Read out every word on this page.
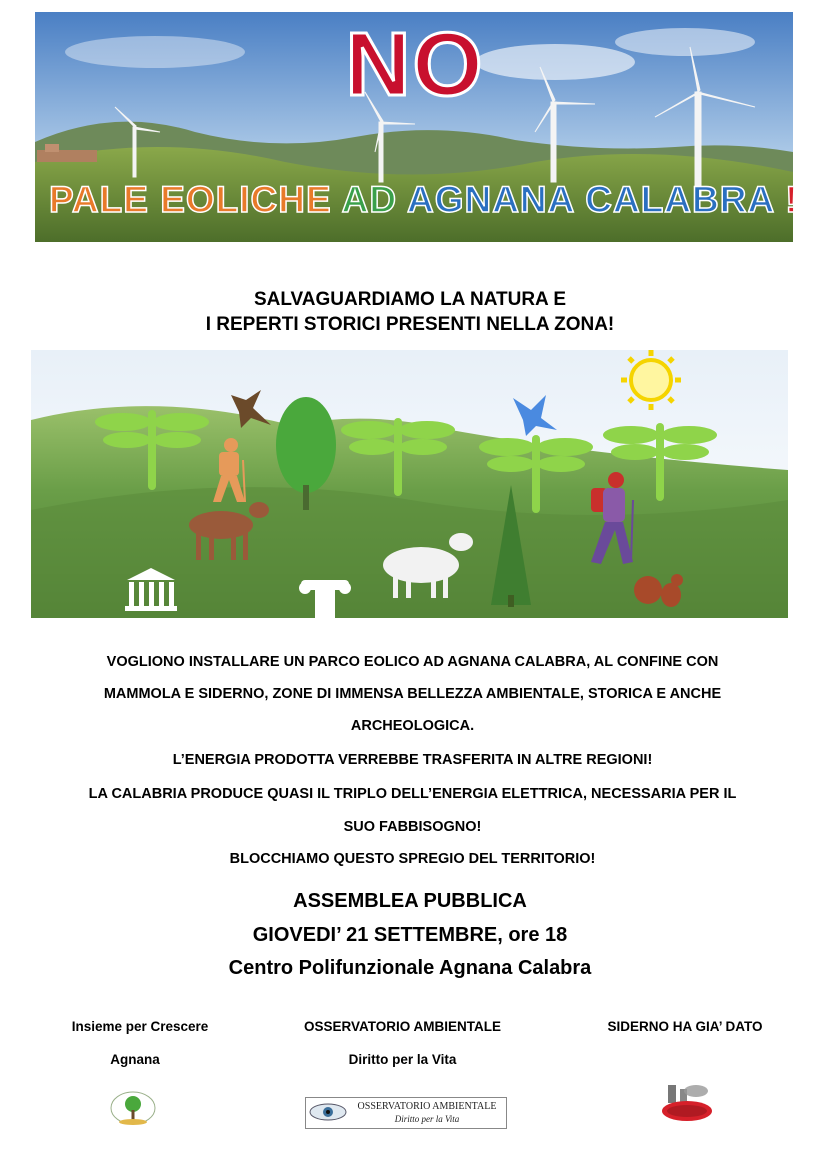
NO
PALE EOLICHE AD AGNANA CALABRA !
SALVAGUARDIAMO LA NATURA E
I REPERTI STORICI PRESENTI NELLA ZONA!
VOGLIONO INSTALLARE UN PARCO EOLICO AD AGNANA CALABRA, AL CONFINE CON
MAMMOLA E SIDERNO, ZONE DI IMMENSA BELLEZZA AMBIENTALE, STORICA E ANCHE
ARCHEOLOGICA.
L’ENERGIA PRODOTTA VERREBBE TRASFERITA IN ALTRE REGIONI!
LA CALABRIA PRODUCE QUASI IL TRIPLO DELL’ENERGIA ELETTRICA, NECESSARIA PER IL
SUO FABBISOGNO!
BLOCCHIAMO QUESTO SPREGIO DEL TERRITORIO!
ASSEMBLEA PUBBLICA
GIOVEDI’ 21 SETTEMBRE, ore 18
Centro Polifunzionale Agnana Calabra
Insieme per Crescere
Agnana
OSSERVATORIO AMBIENTALE
Diritto per la Vita
SIDERNO HA GIA’ DATO
OSSERVATORIO AMBIENTALE
Diritto per la Vita
